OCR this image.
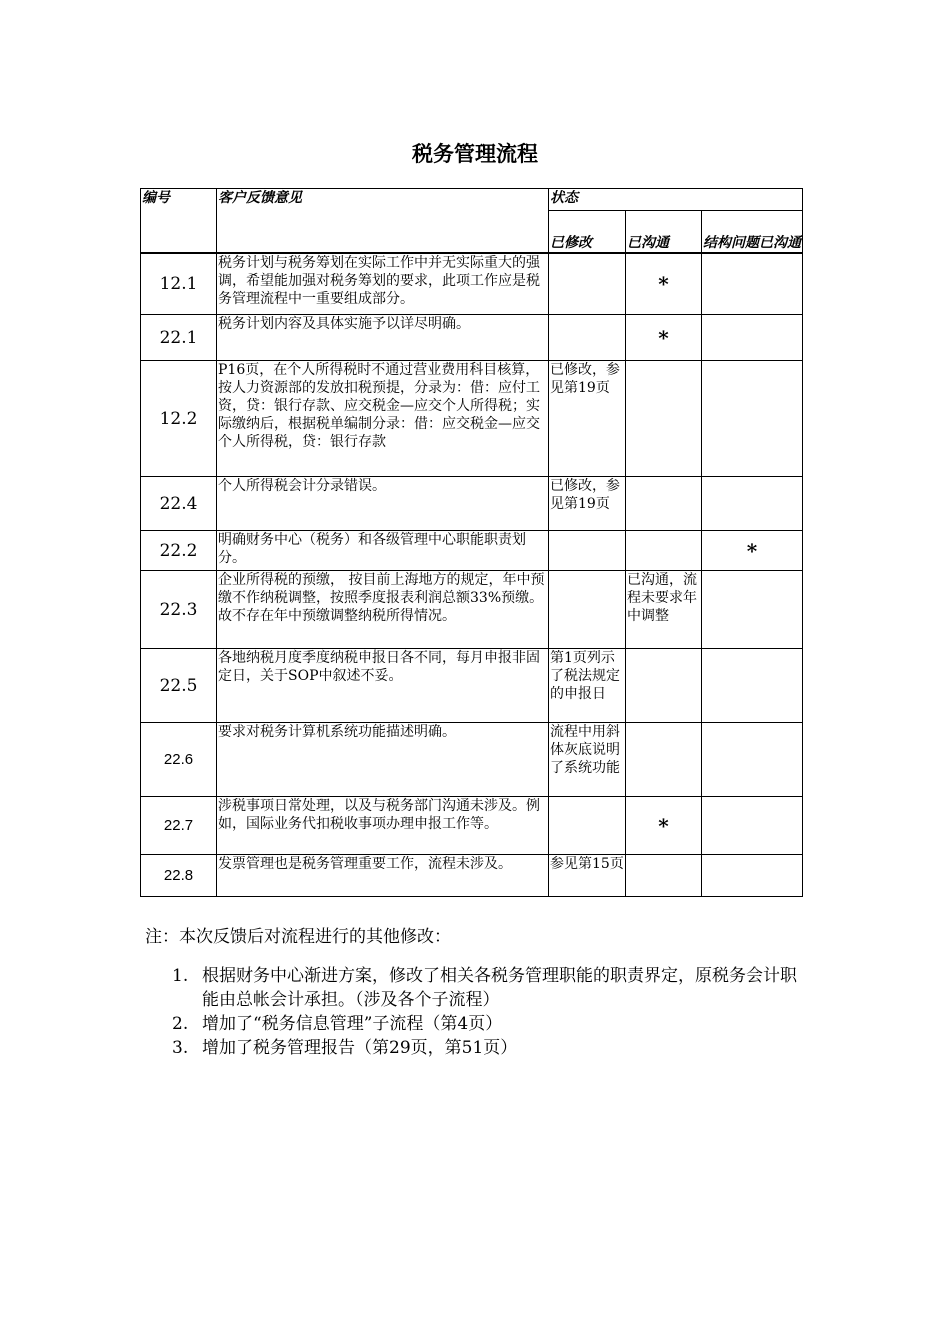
税务管理流程
编号	客户反馈意见	状态		
		已修改	已沟通	结构问题已沟通
12.1	税务计划与税务筹划在实际工作中并无实际重大的强调，希望能加强对税务筹划的要求，此项工作应是税务管理流程中一重要组成部分。		*	
22.1	税务计划内容及具体实施予以详尽明确。		*	
12.2	P16页，在个人所得税时不通过营业费用科目核算，按人力资源部的发放扣税预提，分录为：借：应付工资，贷：银行存款、应交税金—应交个人所得税；实际缴纳后，根据税单编制分录：借：应交税金—应交个人所得税，贷：银行存款	已修改，参见第19页		
22.4	个人所得税会计分录错误。	已修改，参见第19页		
22.2	明确财务中心（税务）和各级管理中心职能职责划分。			*
22.3	企业所得税的预缴， 按目前上海地方的规定，年中预缴不作纳税调整，按照季度报表利润总额33%预缴。故不存在年中预缴调整纳税所得情况。		已沟通，流程未要求年中调整	
22.5	各地纳税月度季度纳税申报日各不同，每月申报非固定日，关于SOP中叙述不妥。	第1页列示了税法规定的申报日		
22.6	要求对税务计算机系统功能描述明确。	流程中用斜体灰底说明了系统功能		
22.7	涉税事项日常处理，以及与税务部门沟通未涉及。例如，国际业务代扣税收事项办理申报工作等。		*	
22.8	发票管理也是税务管理重要工作，流程未涉及。	参见第15页		
注：本次反馈后对流程进行的其他修改：
1. 根据财务中心渐进方案，修改了相关各税务管理职能的职责界定，原税务会计职能由总帐会计承担。（涉及各个子流程）
2. 增加了“税务信息管理”子流程（第4页）
3. 增加了税务管理报告（第29页，第51页）
